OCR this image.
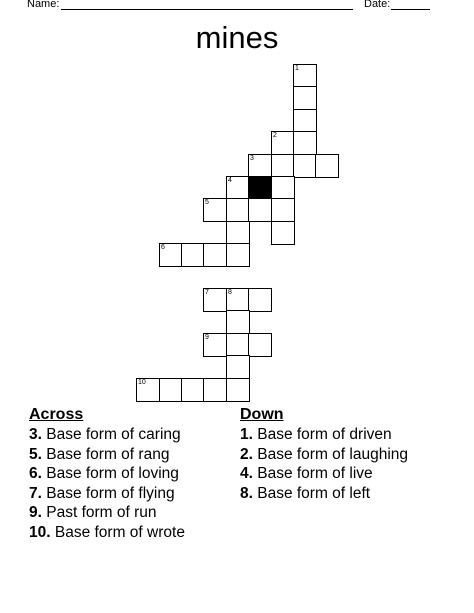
Name:	Date:
mines
1
2
3
4
5
6
7	8
9
10
Across
3. Base form of caring
5. Base form of rang
6. Base form of loving
7. Base form of flying
9. Past form of run
10. Base form of wrote
Down
1. Base form of driven
2. Base form of laughing
4. Base form of live
8. Base form of left
